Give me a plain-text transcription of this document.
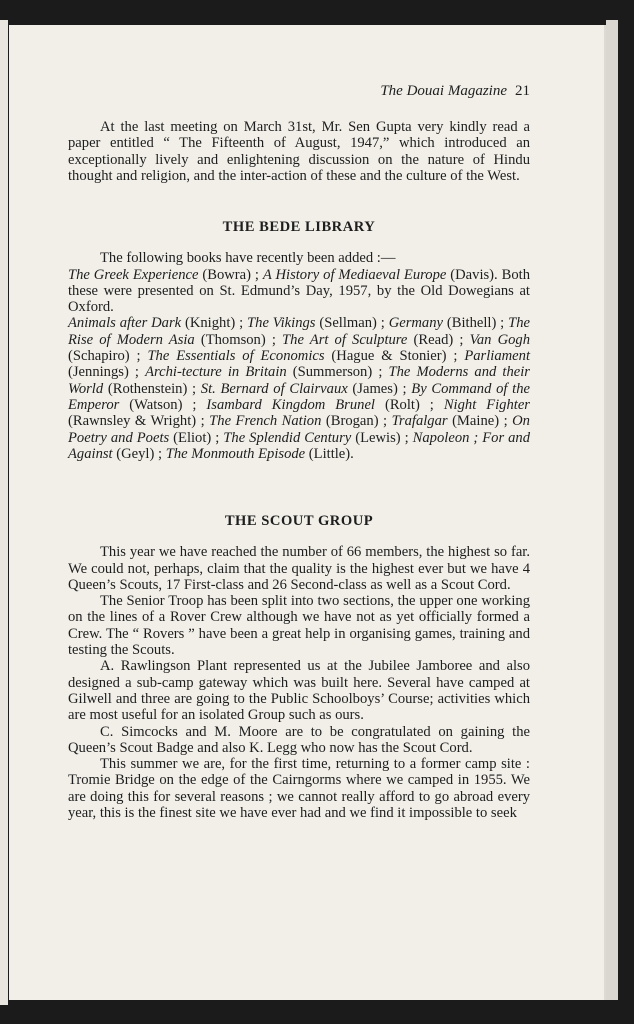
The Douai Magazine 21

At the last meeting on March 31st, Mr. Sen Gupta very kindly read a paper entitled “ The Fifteenth of August, 1947,” which introduced an exceptionally lively and enlightening discussion on the nature of Hindu thought and religion, and the inter-action of these and the culture of the West.

THE BEDE LIBRARY

The following books have recently been added :—

The Greek Experience (Bowra) ; A History of Mediaeval Europe (Davis). Both these were presented on St. Edmund’s Day, 1957, by the Old Dowegians at Oxford.

Animals after Dark (Knight) ; The Vikings (Sellman) ; Germany (Bithell) ; The Rise of Modern Asia (Thomson) ; The Art of Sculpture (Read) ; Van Gogh (Schapiro) ; The Essentials of Economics (Hague & Stonier) ; Parliament (Jennings) ; Archi-tecture in Britain (Summerson) ; The Moderns and their World (Rothenstein) ; St. Bernard of Clairvaux (James) ; By Command of the Emperor (Watson) ; Isambard Kingdom Brunel (Rolt) ; Night Fighter (Rawnsley & Wright) ; The French Nation (Brogan) ; Trafalgar (Maine) ; On Poetry and Poets (Eliot) ; The Splendid Century (Lewis) ; Napoleon ; For and Against (Geyl) ; The Monmouth Episode (Little).

THE SCOUT GROUP

This year we have reached the number of 66 members, the highest so far. We could not, perhaps, claim that the quality is the highest ever but we have 4 Queen’s Scouts, 17 First-class and 26 Second-class as well as a Scout Cord.

The Senior Troop has been split into two sections, the upper one working on the lines of a Rover Crew although we have not as yet officially formed a Crew. The “ Rovers ” have been a great help in organising games, training and testing the Scouts.

A. Rawlingson Plant represented us at the Jubilee Jamboree and also designed a sub-camp gateway which was built here. Several have camped at Gilwell and three are going to the Public Schoolboys’ Course; activities which are most useful for an isolated Group such as ours.

C. Simcocks and M. Moore are to be congratulated on gaining the Queen’s Scout Badge and also K. Legg who now has the Scout Cord.

This summer we are, for the first time, returning to a former camp site : Tromie Bridge on the edge of the Cairngorms where we camped in 1955. We are doing this for several reasons ; we cannot really afford to go abroad every year, this is the finest site we have ever had and we find it impossible to seek
